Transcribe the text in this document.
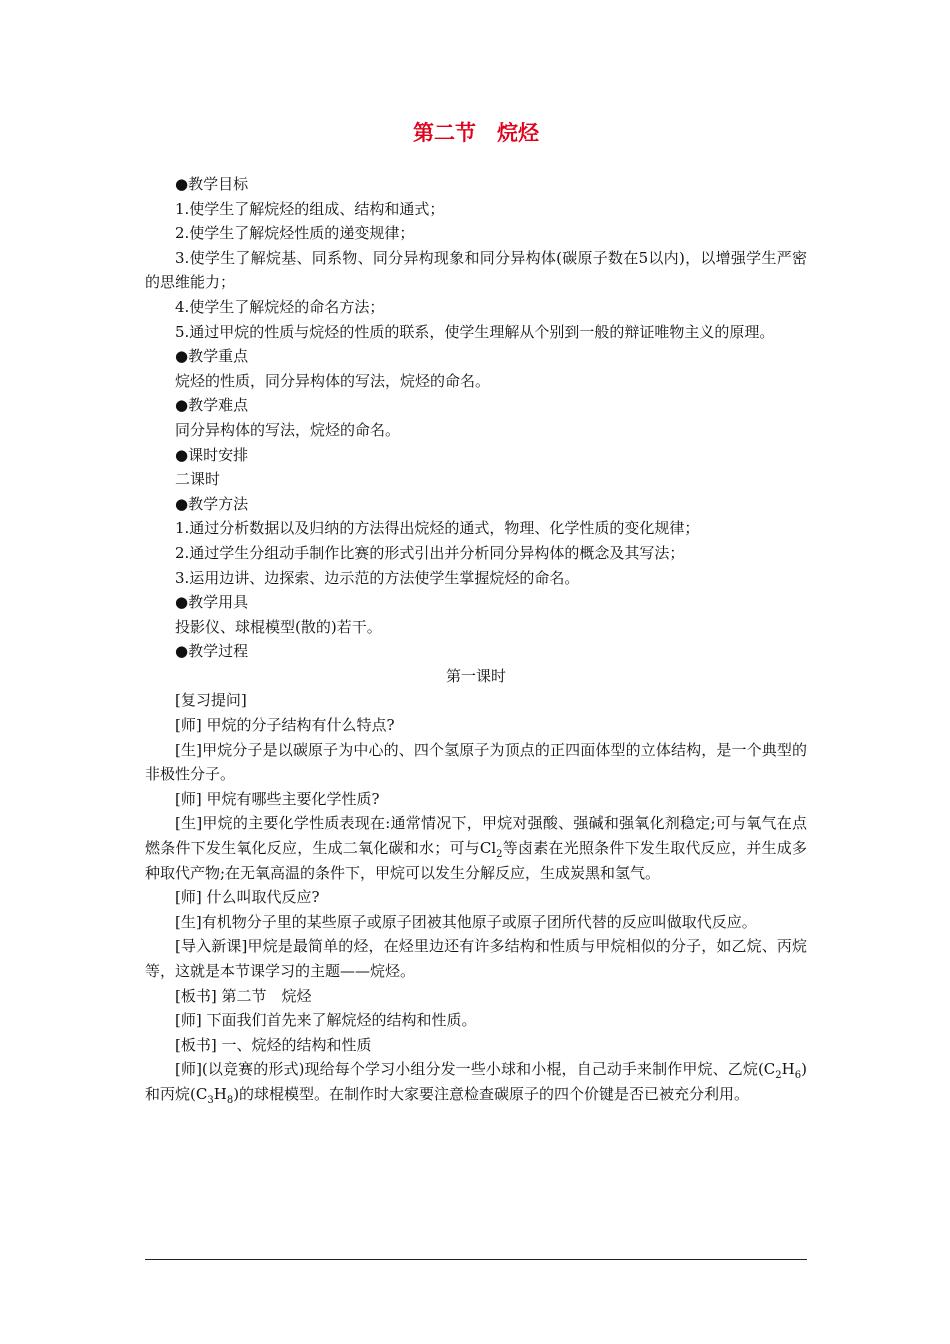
第二节　烷烃

●教学目标

1.使学生了解烷烃的组成、结构和通式；

2.使学生了解烷烃性质的递变规律；

3.使学生了解烷基、同系物、同分异构现象和同分异构体(碳原子数在5以内)，以增强学生严密的思维能力；

4.使学生了解烷烃的命名方法；

5.通过甲烷的性质与烷烃的性质的联系，使学生理解从个别到一般的辩证唯物主义的原理。

●教学重点

烷烃的性质，同分异构体的写法，烷烃的命名。

●教学难点

同分异构体的写法，烷烃的命名。

●课时安排

二课时

●教学方法

1.通过分析数据以及归纳的方法得出烷烃的通式，物理、化学性质的变化规律；

2.通过学生分组动手制作比赛的形式引出并分析同分异构体的概念及其写法；

3.运用边讲、边探索、边示范的方法使学生掌握烷烃的命名。

●教学用具

投影仪、球棍模型(散的)若干。

●教学过程

第一课时

[复习提问]

[师] 甲烷的分子结构有什么特点?

[生]甲烷分子是以碳原子为中心的、四个氢原子为顶点的正四面体型的立体结构，是一个典型的非极性分子。

[师] 甲烷有哪些主要化学性质?

[生]甲烷的主要化学性质表现在:通常情况下，甲烷对强酸、强碱和强氧化剂稳定;可与氧气在点燃条件下发生氧化反应，生成二氧化碳和水；可与$Cl_2$等卤素在光照条件下发生取代反应，并生成多种取代产物;在无氧高温的条件下，甲烷可以发生分解反应，生成炭黑和氢气。

[师] 什么叫取代反应?

[生]有机物分子里的某些原子或原子团被其他原子或原子团所代替的反应叫做取代反应。

[导入新课]甲烷是最简单的烃，在烃里边还有许多结构和性质与甲烷相似的分子，如乙烷、丙烷等，这就是本节课学习的主题——烷烃。

[板书] 第二节　烷烃

[师] 下面我们首先来了解烷烃的结构和性质。

[板书] 一、烷烃的结构和性质

[师](以竞赛的形式)现给每个学习小组分发一些小球和小棍，自己动手来制作甲烷、乙烷$(C_2H_6)$和丙烷$(C_3H_8)$的球棍模型。在制作时大家要注意检查碳原子的四个价键是否已被充分利用。
